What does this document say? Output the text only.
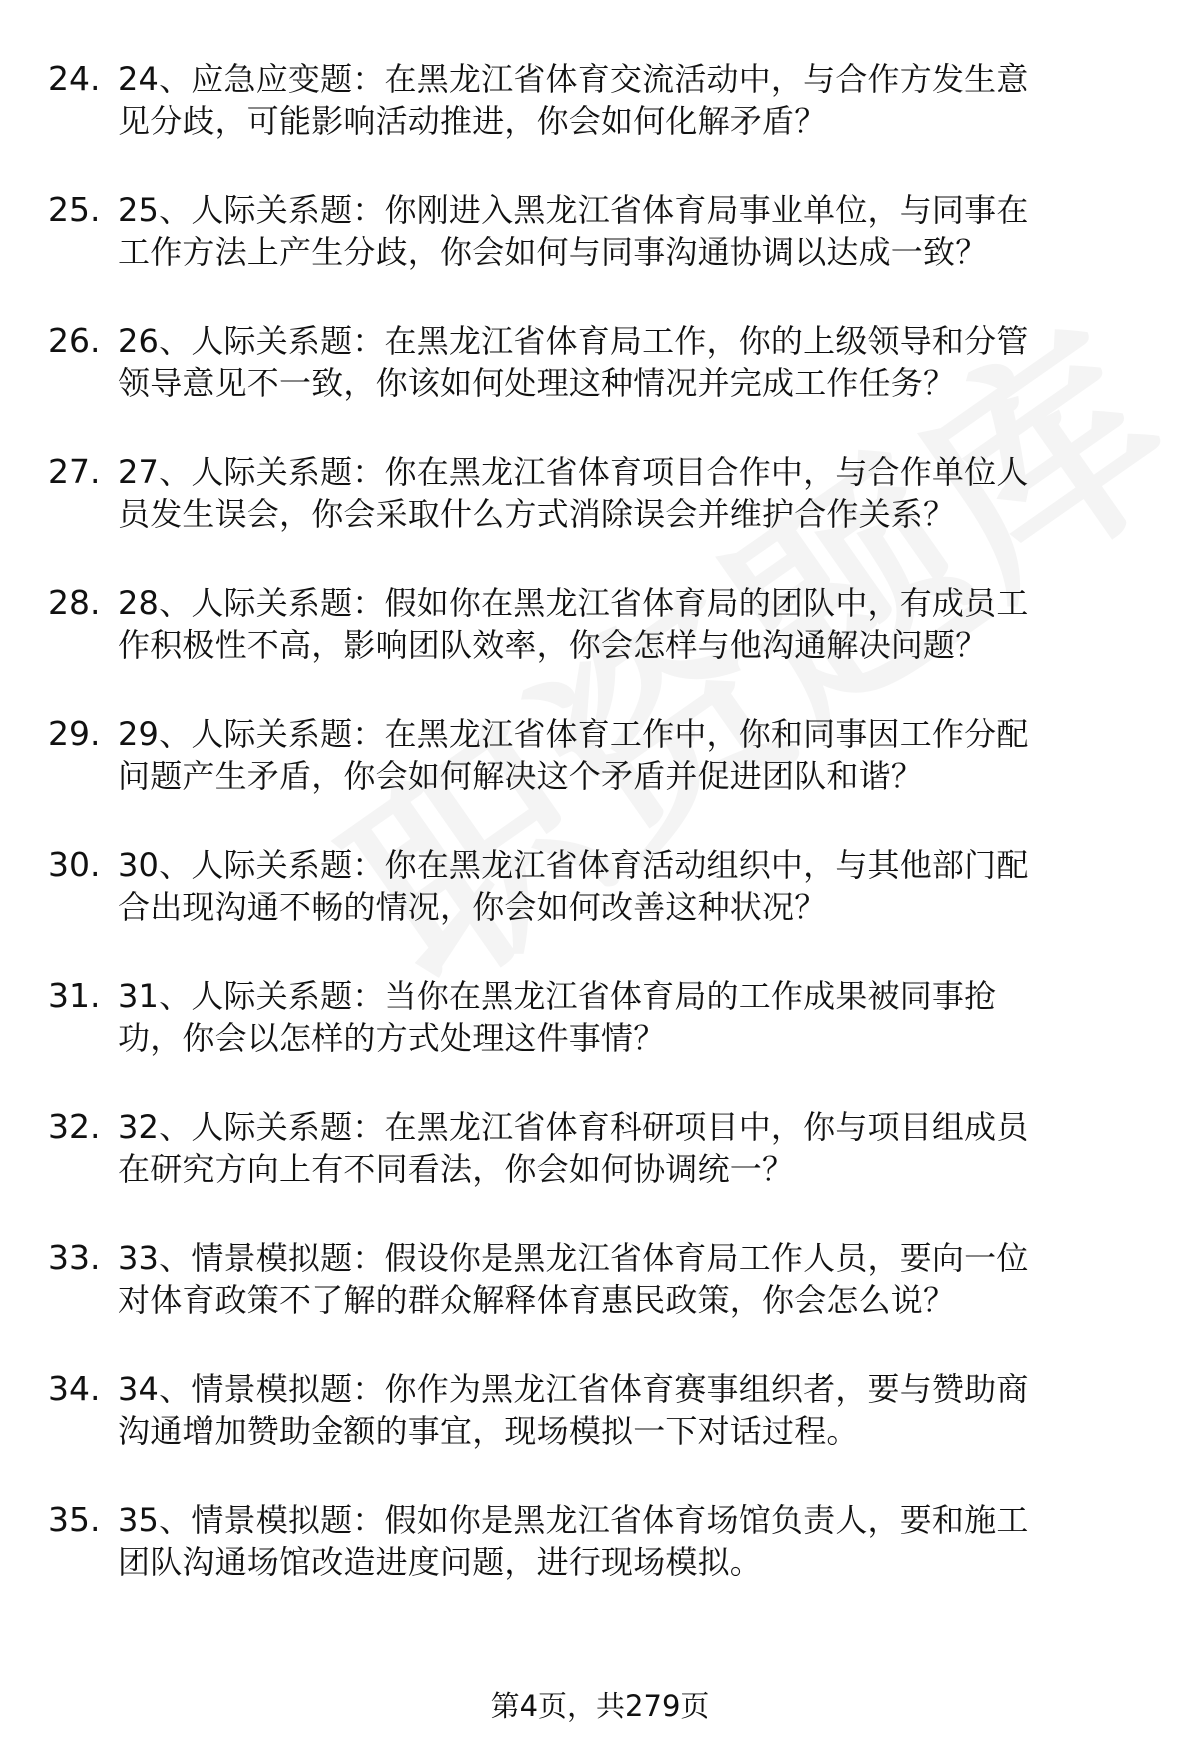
24. 24、应急应变题：在黑龙江省体育交流活动中，与合作方发生意见分歧，可能影响活动推进，你会如何化解矛盾？
25. 25、人际关系题：你刚进入黑龙江省体育局事业单位，与同事在工作方法上产生分歧，你会如何与同事沟通协调以达成一致？
26. 26、人际关系题：在黑龙江省体育局工作，你的上级领导和分管领导意见不一致，你该如何处理这种情况并完成工作任务？
27. 27、人际关系题：你在黑龙江省体育项目合作中，与合作单位人员发生误会，你会采取什么方式消除误会并维护合作关系？
28. 28、人际关系题：假如你在黑龙江省体育局的团队中，有成员工作积极性不高，影响团队效率，你会怎样与他沟通解决问题？
29. 29、人际关系题：在黑龙江省体育工作中，你和同事因工作分配问题产生矛盾，你会如何解决这个矛盾并促进团队和谐？
30. 30、人际关系题：你在黑龙江省体育活动组织中，与其他部门配合出现沟通不畅的情况，你会如何改善这种状况？
31. 31、人际关系题：当你在黑龙江省体育局的工作成果被同事抢功，你会以怎样的方式处理这件事情？
32. 32、人际关系题：在黑龙江省体育科研项目中，你与项目组成员在研究方向上有不同看法，你会如何协调统一？
33. 33、情景模拟题：假设你是黑龙江省体育局工作人员，要向一位对体育政策不了解的群众解释体育惠民政策，你会怎么说？
34. 34、情景模拟题：你作为黑龙江省体育赛事组织者，要与赞助商沟通增加赞助金额的事宜，现场模拟一下对话过程。
35. 35、情景模拟题：假如你是黑龙江省体育场馆负责人，要和施工团队沟通场馆改造进度问题，进行现场模拟。
第4页，共279页
